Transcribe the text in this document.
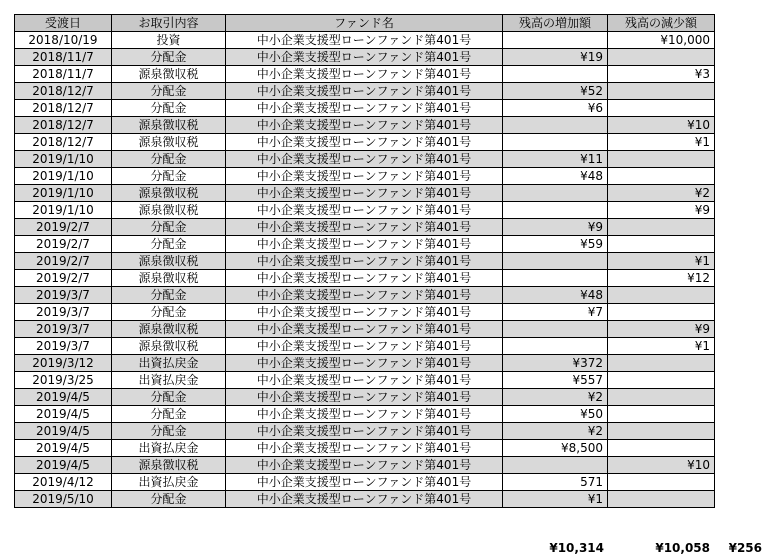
受渡日	お取引内容	ファンド名	残高の増加額	残高の減少額
2018/10/19	投資	中小企業支援型ローンファンド第401号		¥10,000
2018/11/7	分配金	中小企業支援型ローンファンド第401号	¥19	
2018/11/7	源泉徴収税	中小企業支援型ローンファンド第401号		¥3
2018/12/7	分配金	中小企業支援型ローンファンド第401号	¥52	
2018/12/7	分配金	中小企業支援型ローンファンド第401号	¥6	
2018/12/7	源泉徴収税	中小企業支援型ローンファンド第401号		¥10
2018/12/7	源泉徴収税	中小企業支援型ローンファンド第401号		¥1
2019/1/10	分配金	中小企業支援型ローンファンド第401号	¥11	
2019/1/10	分配金	中小企業支援型ローンファンド第401号	¥48	
2019/1/10	源泉徴収税	中小企業支援型ローンファンド第401号		¥2
2019/1/10	源泉徴収税	中小企業支援型ローンファンド第401号		¥9
2019/2/7	分配金	中小企業支援型ローンファンド第401号	¥9	
2019/2/7	分配金	中小企業支援型ローンファンド第401号	¥59	
2019/2/7	源泉徴収税	中小企業支援型ローンファンド第401号		¥1
2019/2/7	源泉徴収税	中小企業支援型ローンファンド第401号		¥12
2019/3/7	分配金	中小企業支援型ローンファンド第401号	¥48	
2019/3/7	分配金	中小企業支援型ローンファンド第401号	¥7	
2019/3/7	源泉徴収税	中小企業支援型ローンファンド第401号		¥9
2019/3/7	源泉徴収税	中小企業支援型ローンファンド第401号		¥1
2019/3/12	出資払戻金	中小企業支援型ローンファンド第401号	¥372	
2019/3/25	出資払戻金	中小企業支援型ローンファンド第401号	¥557	
2019/4/5	分配金	中小企業支援型ローンファンド第401号	¥2	
2019/4/5	分配金	中小企業支援型ローンファンド第401号	¥50	
2019/4/5	分配金	中小企業支援型ローンファンド第401号	¥2	
2019/4/5	出資払戻金	中小企業支援型ローンファンド第401号	¥8,500	
2019/4/5	源泉徴収税	中小企業支援型ローンファンド第401号		¥10
2019/4/12	出資払戻金	中小企業支援型ローンファンド第401号	571	
2019/5/10	分配金	中小企業支援型ローンファンド第401号	¥1	
¥10,314	¥10,058	¥256
